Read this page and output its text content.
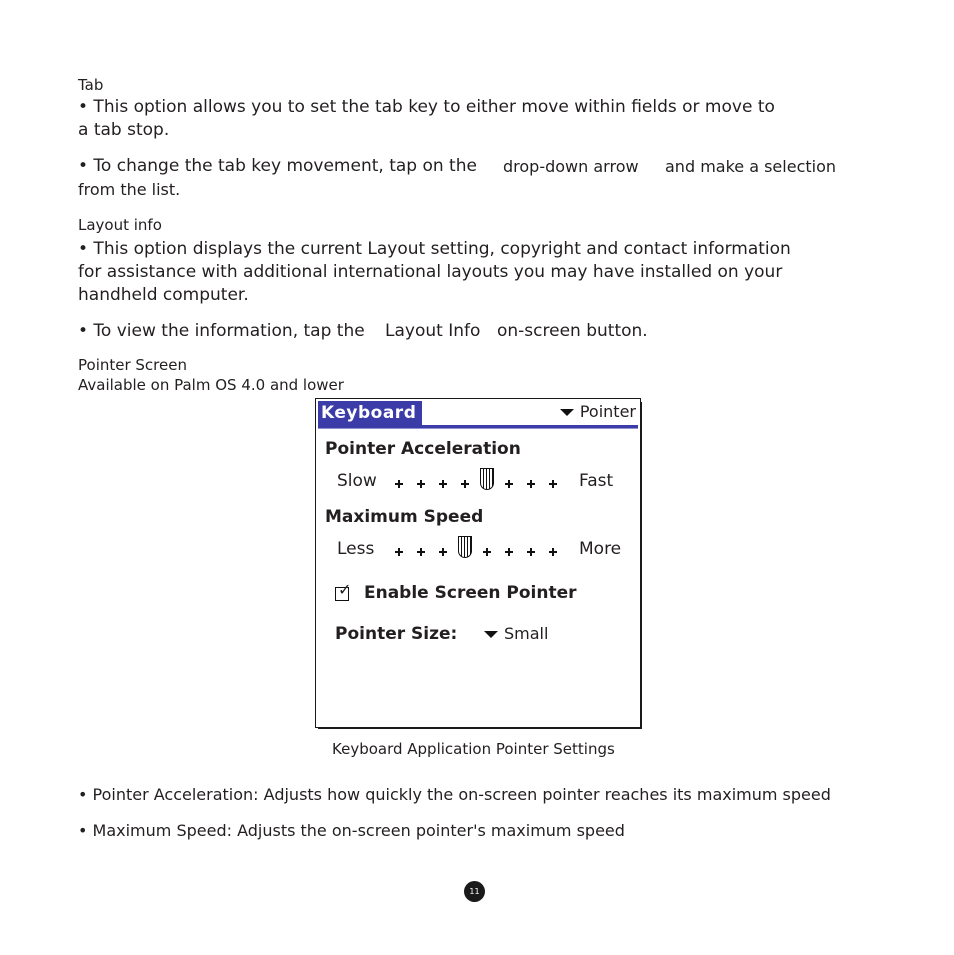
Tab
• This option allows you to set the tab key to either move within fields or move to
a tab stop.
• To change the tab key movement, tap on the drop-down arrow and make a selection
from the list.
Layout info
• This option displays the current Layout setting, copyright and contact information
for assistance with additional international layouts you may have installed on your
handheld computer.
• To view the information, tap the Layout Info on-screen button.
Pointer Screen
Available on Palm OS 4.0 and lower
Keyboard	Pointer
Pointer Acceleration
Slow	Fast
Maximum Speed
Less	More
✓ Enable Screen Pointer
Pointer Size:	Small
Keyboard Application Pointer Settings
• Pointer Acceleration: Adjusts how quickly the on-screen pointer reaches its maximum speed
• Maximum Speed: Adjusts the on-screen pointer's maximum speed
11
